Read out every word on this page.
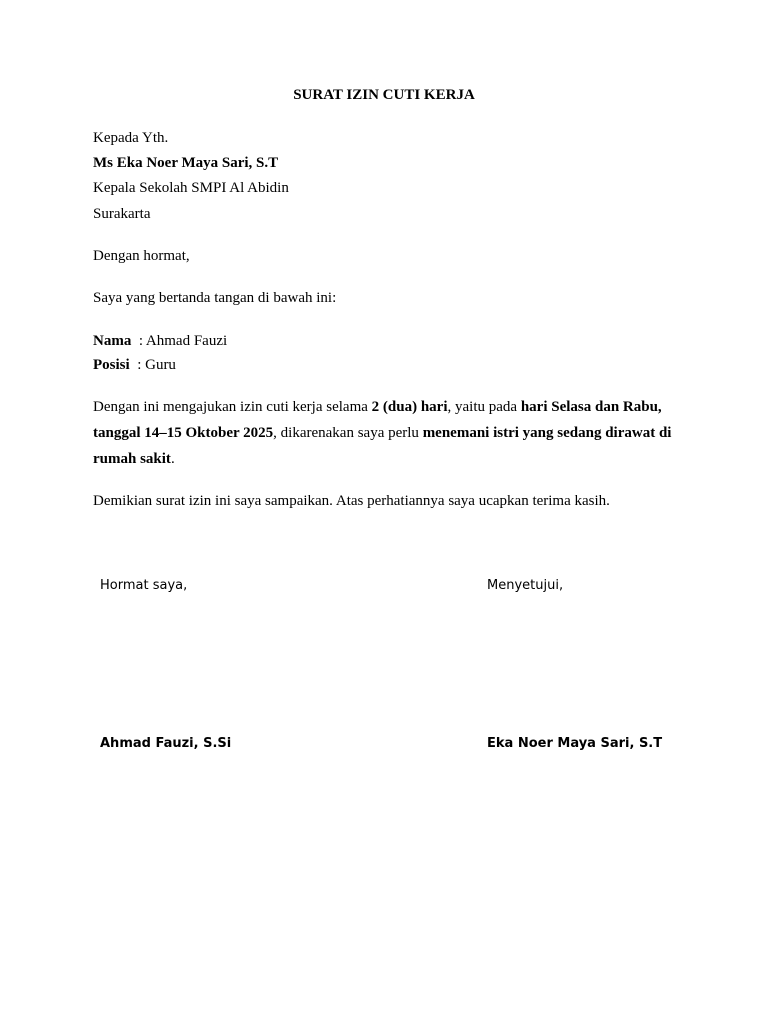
SURAT IZIN CUTI KERJA
Kepada Yth.
Ms Eka Noer Maya Sari, S.T
Kepala Sekolah SMPI Al Abidin
Surakarta
Dengan hormat,
Saya yang bertanda tangan di bawah ini:
Nama : Ahmad Fauzi
Posisi : Guru
Dengan ini mengajukan izin cuti kerja selama 2 (dua) hari, yaitu pada hari Selasa dan Rabu, tanggal 14–15 Oktober 2025, dikarenakan saya perlu menemani istri yang sedang dirawat di rumah sakit.
Demikian surat izin ini saya sampaikan. Atas perhatiannya saya ucapkan terima kasih.
Hormat saya,	Menyetujui,
Ahmad Fauzi, S.Si	Eka Noer Maya Sari, S.T
